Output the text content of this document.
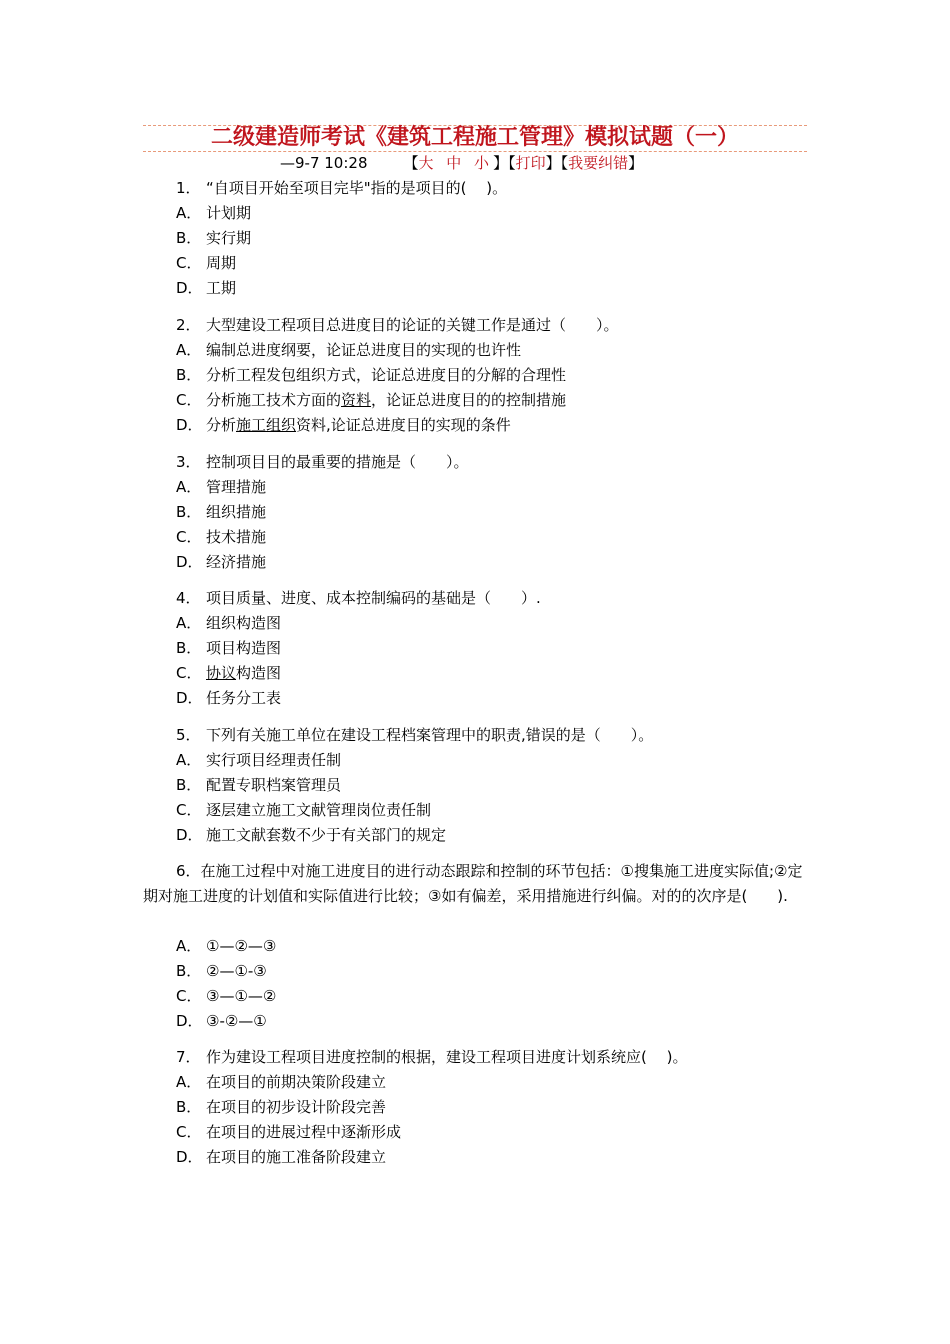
二级建造师考试《建筑工程施工管理》模拟试题（一）
—9-7 10:28 【大 中 小】【打印】【我要纠错】
1． “自项目开始至项目完毕"指的是项目的(　 )。
A． 计划期
B． 实行期
C． 周期
D． 工期
2． 大型建设工程项目总进度目的论证的关键工作是通过（　　）。
A． 编制总进度纲要，论证总进度目的实现的也许性
B． 分析工程发包组织方式，论证总进度目的分解的合理性
C． 分析施工技术方面的资料，论证总进度目的的控制措施
D． 分析施工组织资料,论证总进度目的实现的条件
3． 控制项目目的最重要的措施是（　　）。
A． 管理措施
B． 组织措施
C． 技术措施
D． 经济措施
4． 项目质量、进度、成本控制编码的基础是（　　）.
A． 组织构造图
B． 项目构造图
C． 协议构造图
D． 任务分工表
5． 下列有关施工单位在建设工程档案管理中的职责,错误的是（　　）。
A． 实行项目经理责任制
B． 配置专职档案管理员
C． 逐层建立施工文献管理岗位责任制
D． 施工文献套数不少于有关部门的规定
6．在施工过程中对施工进度目的进行动态跟踪和控制的环节包括：①搜集施工进度实际值;②定期对施工进度的计划值和实际值进行比较；③如有偏差，采用措施进行纠偏。对的的次序是(　　).
A． ①—②—③
B． ②—①-③
C． ③—①—②
D． ③-②—①
7． 作为建设工程项目进度控制的根据，建设工程项目进度计划系统应(　 )。
A． 在项目的前期决策阶段建立
B． 在项目的初步设计阶段完善
C． 在项目的进展过程中逐渐形成
D． 在项目的施工准备阶段建立
